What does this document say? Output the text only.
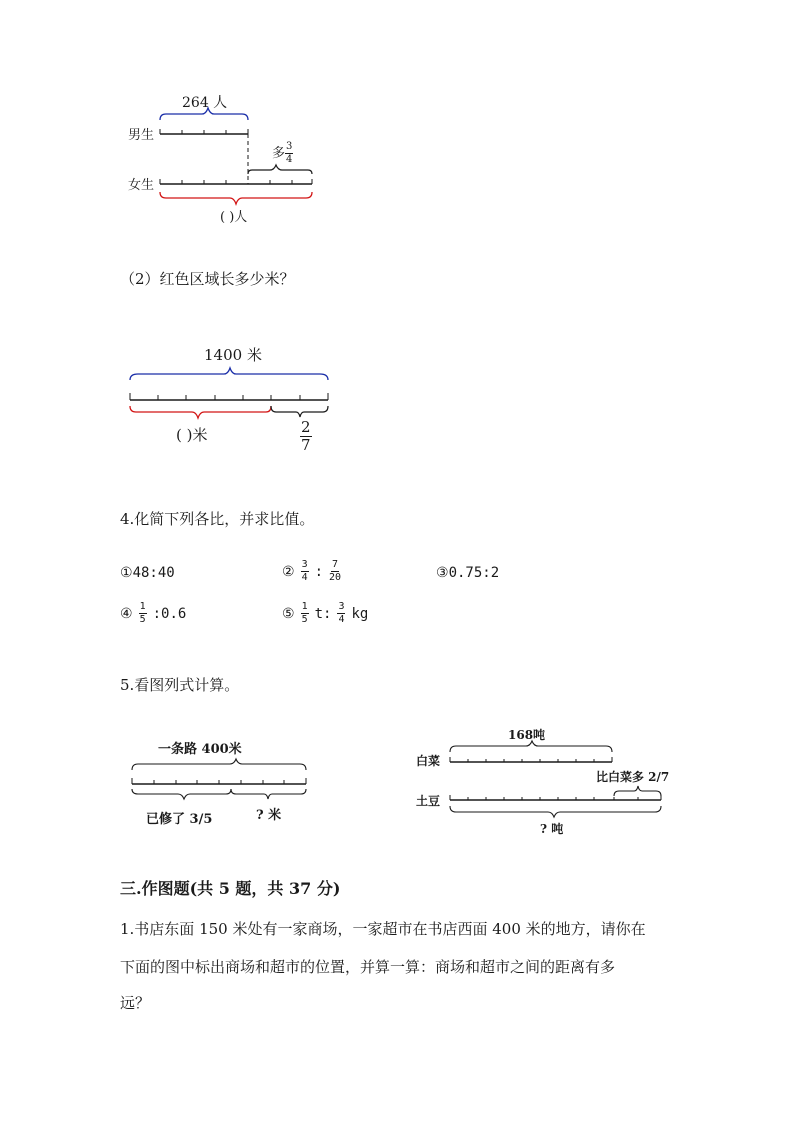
264 人
男生
女生
多 $\frac{3}{4}$
( )人
（2）红色区域长多少米？
1400 米
( )米	$\frac{2}{7}$
4.化简下列各比，并求比值。
①48:40	② $\frac{3}{4}$ : $\frac{7}{20}$	③0.75:2
④ $\frac{1}{5}$ :0.6	⑤ $\frac{1}{5} t$: $\frac{3}{4}$ kg
5.看图列式计算。
一条路 400米
已修了 3/5	? 米
168吨
白菜
土豆
比白菜多 2/7
? 吨
三.作图题(共 5 题，共 37 分)
1.书店东面 150 米处有一家商场，一家超市在书店西面 400 米的地方，请你在
下面的图中标出商场和超市的位置，并算一算：商场和超市之间的距离有多
远？
